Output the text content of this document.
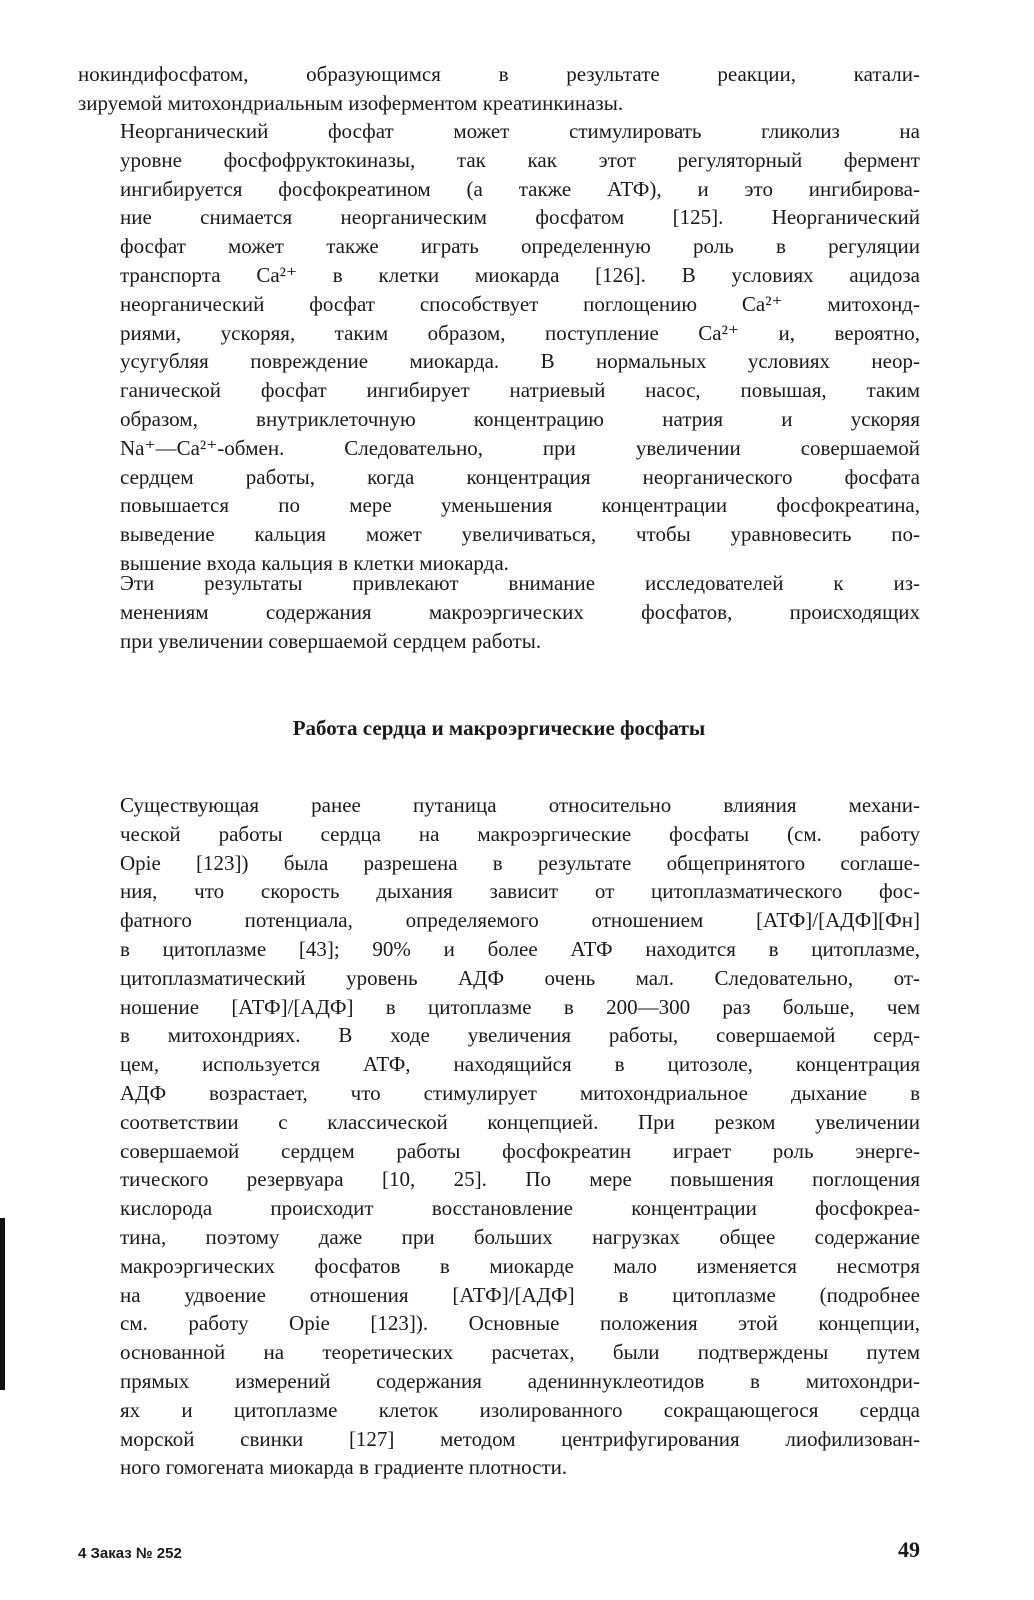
нокиндифосфатом, образующимся в результате реакции, катали-
зируемой митохондриальным изоферментом креатинкиназы.
Неорганический фосфат может стимулировать гликолиз на
уровне фосфофруктокиназы, так как этот регуляторный фермент
ингибируется фосфокреатином (а также АТФ), и это ингибирова-
ние снимается неорганическим фосфатом [125]. Неорганический
фосфат может также играть определенную роль в регуляции
транспорта Ca²⁺ в клетки миокарда [126]. В условиях ацидоза
неорганический фосфат способствует поглощению Ca²⁺ митохонд-
риями, ускоряя, таким образом, поступление Ca²⁺ и, вероятно,
усугубляя повреждение миокарда. В нормальных условиях неор-
ганической фосфат ингибирует натриевый насос, повышая, таким
образом, внутриклеточную концентрацию натрия и ускоряя
Na⁺—Ca²⁺-обмен. Следовательно, при увеличении совершаемой
сердцем работы, когда концентрация неорганического фосфата
повышается по мере уменьшения концентрации фосфокреатина,
выведение кальция может увеличиваться, чтобы уравновесить по-
вышение входа кальция в клетки миокарда.
Эти результаты привлекают внимание исследователей к из-
менениям содержания макроэргических фосфатов, происходящих
при увеличении совершаемой сердцем работы.
Работа сердца и макроэргические фосфаты
Существующая ранее путаница относительно влияния механи-
ческой работы сердца на макроэргические фосфаты (см. работу
Opie [123]) была разрешена в результате общепринятого соглаше-
ния, что скорость дыхания зависит от цитоплазматического фос-
фатного потенциала, определяемого отношением [АТФ]/[АДФ][Фн]
в цитоплазме [43]; 90% и более АТФ находится в цитоплазме,
цитоплазматический уровень АДФ очень мал. Следовательно, от-
ношение [АТФ]/[АДФ] в цитоплазме в 200—300 раз больше, чем
в митохондриях. В ходе увеличения работы, совершаемой серд-
цем, используется АТФ, находящийся в цитозоле, концентрация
АДФ возрастает, что стимулирует митохондриальное дыхание в
соответствии с классической концепцией. При резком увеличении
совершаемой сердцем работы фосфокреатин играет роль энерге-
тического резервуара [10, 25]. По мере повышения поглощения
кислорода происходит восстановление концентрации фосфокреа-
тина, поэтому даже при больших нагрузках общее содержание
макроэргических фосфатов в миокарде мало изменяется несмотря
на удвоение отношения [АТФ]/[АДФ] в цитоплазме (подробнее
см. работу Opie [123]). Основные положения этой концепции,
основанной на теоретических расчетах, были подтверждены путем
прямых измерений содержания адениннуклеотидов в митохондри-
ях и цитоплазме клеток изолированного сокращающегося сердца
морской свинки [127] методом центрифугирования лиофилизован-
ного гомогената миокарда в градиенте плотности.
4 Заказ № 252	49
